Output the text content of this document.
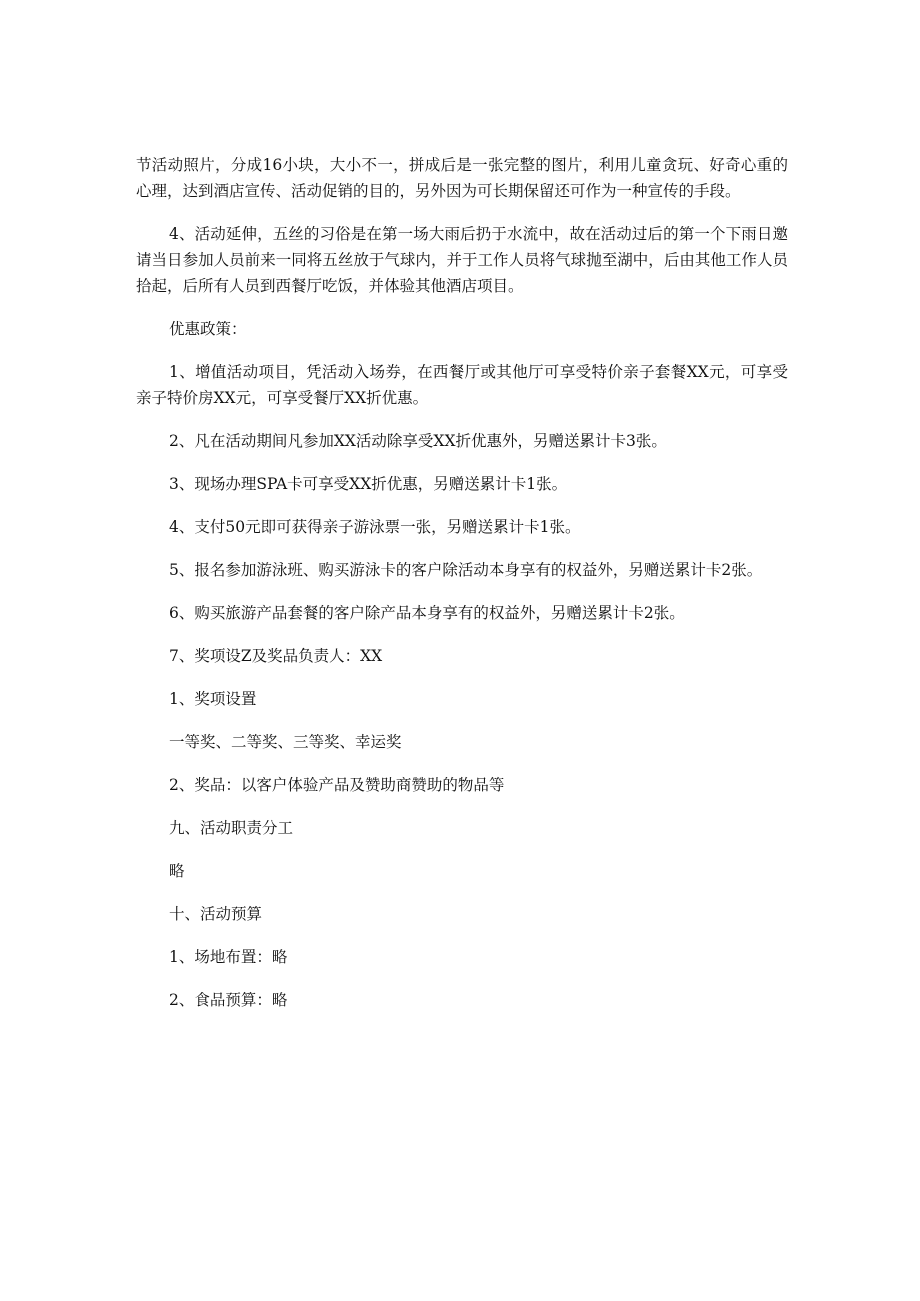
节活动照片，分成16小块，大小不一，拼成后是一张完整的图片，利用儿童贪玩、好奇心重的心理，达到酒店宣传、活动促销的目的，另外因为可长期保留还可作为一种宣传的手段。

4、活动延伸，五丝的习俗是在第一场大雨后扔于水流中，故在活动过后的第一个下雨日邀请当日参加人员前来一同将五丝放于气球内，并于工作人员将气球抛至湖中，后由其他工作人员拾起，后所有人员到西餐厅吃饭，并体验其他酒店项目。

优惠政策：

1、增值活动项目，凭活动入场券，在西餐厅或其他厅可享受特价亲子套餐XX元，可享受亲子特价房XX元，可享受餐厅XX折优惠。

2、凡在活动期间凡参加XX活动除享受XX折优惠外，另赠送累计卡3张。

3、现场办理SPA卡可享受XX折优惠，另赠送累计卡1张。

4、支付50元即可获得亲子游泳票一张，另赠送累计卡1张。

5、报名参加游泳班、购买游泳卡的客户除活动本身享有的权益外，另赠送累计卡2张。

6、购买旅游产品套餐的客户除产品本身享有的权益外，另赠送累计卡2张。

7、奖项设Z及奖品负责人：XX

1、奖项设置

一等奖、二等奖、三等奖、幸运奖

2、奖品：以客户体验产品及赞助商赞助的物品等

九、活动职责分工

略

十、活动预算

1、场地布置：略

2、食品预算：略
